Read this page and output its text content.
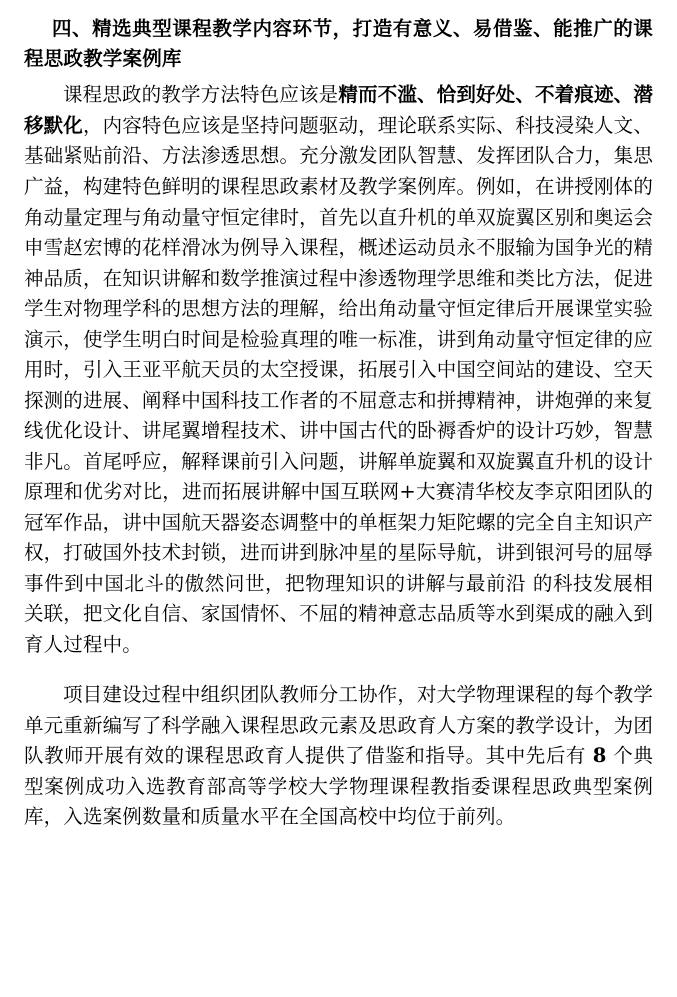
四、精选典型课程教学内容环节，打造有意义、易借鉴、能推广的课程思政教学案例库

课程思政的教学方法特色应该是精而不滥、恰到好处、不着痕迹、潜移默化，内容特色应该是坚持问题驱动，理论联系实际、科技浸染人文、基础紧贴前沿、方法渗透思想。充分激发团队智慧、发挥团队合力，集思广益，构建特色鲜明的课程思政素材及教学案例库。例如，在讲授刚体的角动量定理与角动量守恒定律时，首先以直升机的单双旋翼区别和奥运会申雪赵宏博的花样滑冰为例导入课程，概述运动员永不服输为国争光的精神品质，在知识讲解和数学推演过程中渗透物理学思维和类比方法，促进学生对物理学科的思想方法的理解，给出角动量守恒定律后开展课堂实验演示，使学生明白时间是检验真理的唯一标准，讲到角动量守恒定律的应用时，引入王亚平航天员的太空授课，拓展引入中国空间站的建设、空天探测的进展、阐释中国科技工作者的不屈意志和拼搏精神，讲炮弹的来复线优化设计、讲尾翼增程技术、讲中国古代的卧褥香炉的设计巧妙，智慧非凡。首尾呼应，解释课前引入问题，讲解单旋翼和双旋翼直升机的设计原理和优劣对比，进而拓展讲解中国互联网+大赛清华校友李京阳团队的冠军作品，讲中国航天器姿态调整中的单框架力矩陀螺的完全自主知识产权，打破国外技术封锁，进而讲到脉冲星的星际导航，讲到银河号的屈辱事件到中国北斗的傲然问世，把物理知识的讲解与最前沿 的科技发展相关联，把文化自信、家国情怀、不屈的精神意志品质等水到渠成的融入到育人过程中。

项目建设过程中组织团队教师分工协作，对大学物理课程的每个教学单元重新编写了科学融入课程思政元素及思政育人方案的教学设计，为团队教师开展有效的课程思政育人提供了借鉴和指导。其中先后有 8 个典型案例成功入选教育部高等学校大学物理课程教指委课程思政典型案例库，入选案例数量和质量水平在全国高校中均位于前列。
